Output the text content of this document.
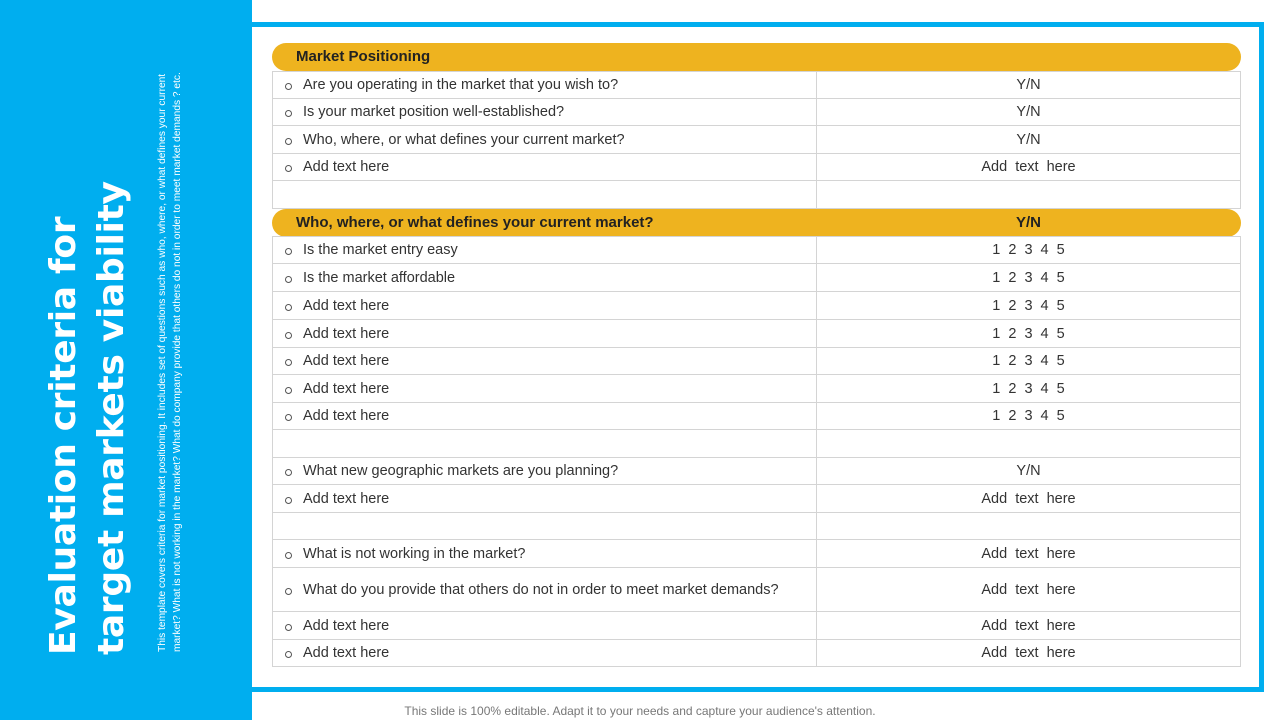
Evaluation criteria for target markets viability	This template covers criteria for market positioning. It includes set of questions such as who, where, or what defines your current market? What is not working in the market? What do company provide that others do not in order to meet market demands ? etc.
Market Positioning
Are you operating in the market that you wish to?	Y/N
Is your market position well-established?	Y/N
Who, where, or what defines your current market?	Y/N
Add text here	Add text here
Who, where, or what defines your current market?	Y/N
Is the market entry easy	1 2 3 4 5
Is the market affordable	1 2 3 4 5
Add text here	1 2 3 4 5
Add text here	1 2 3 4 5
Add text here	1 2 3 4 5
Add text here	1 2 3 4 5
Add text here	1 2 3 4 5
What new geographic markets are you planning?	Y/N
Add text here	Add text here
What is not working in the market?	Add text here
What do you provide that others do not in order to meet market demands?	Add text here
Add text here	Add text here
Add text here	Add text here
This slide is 100% editable. Adapt it to your needs and capture your audience's attention.
